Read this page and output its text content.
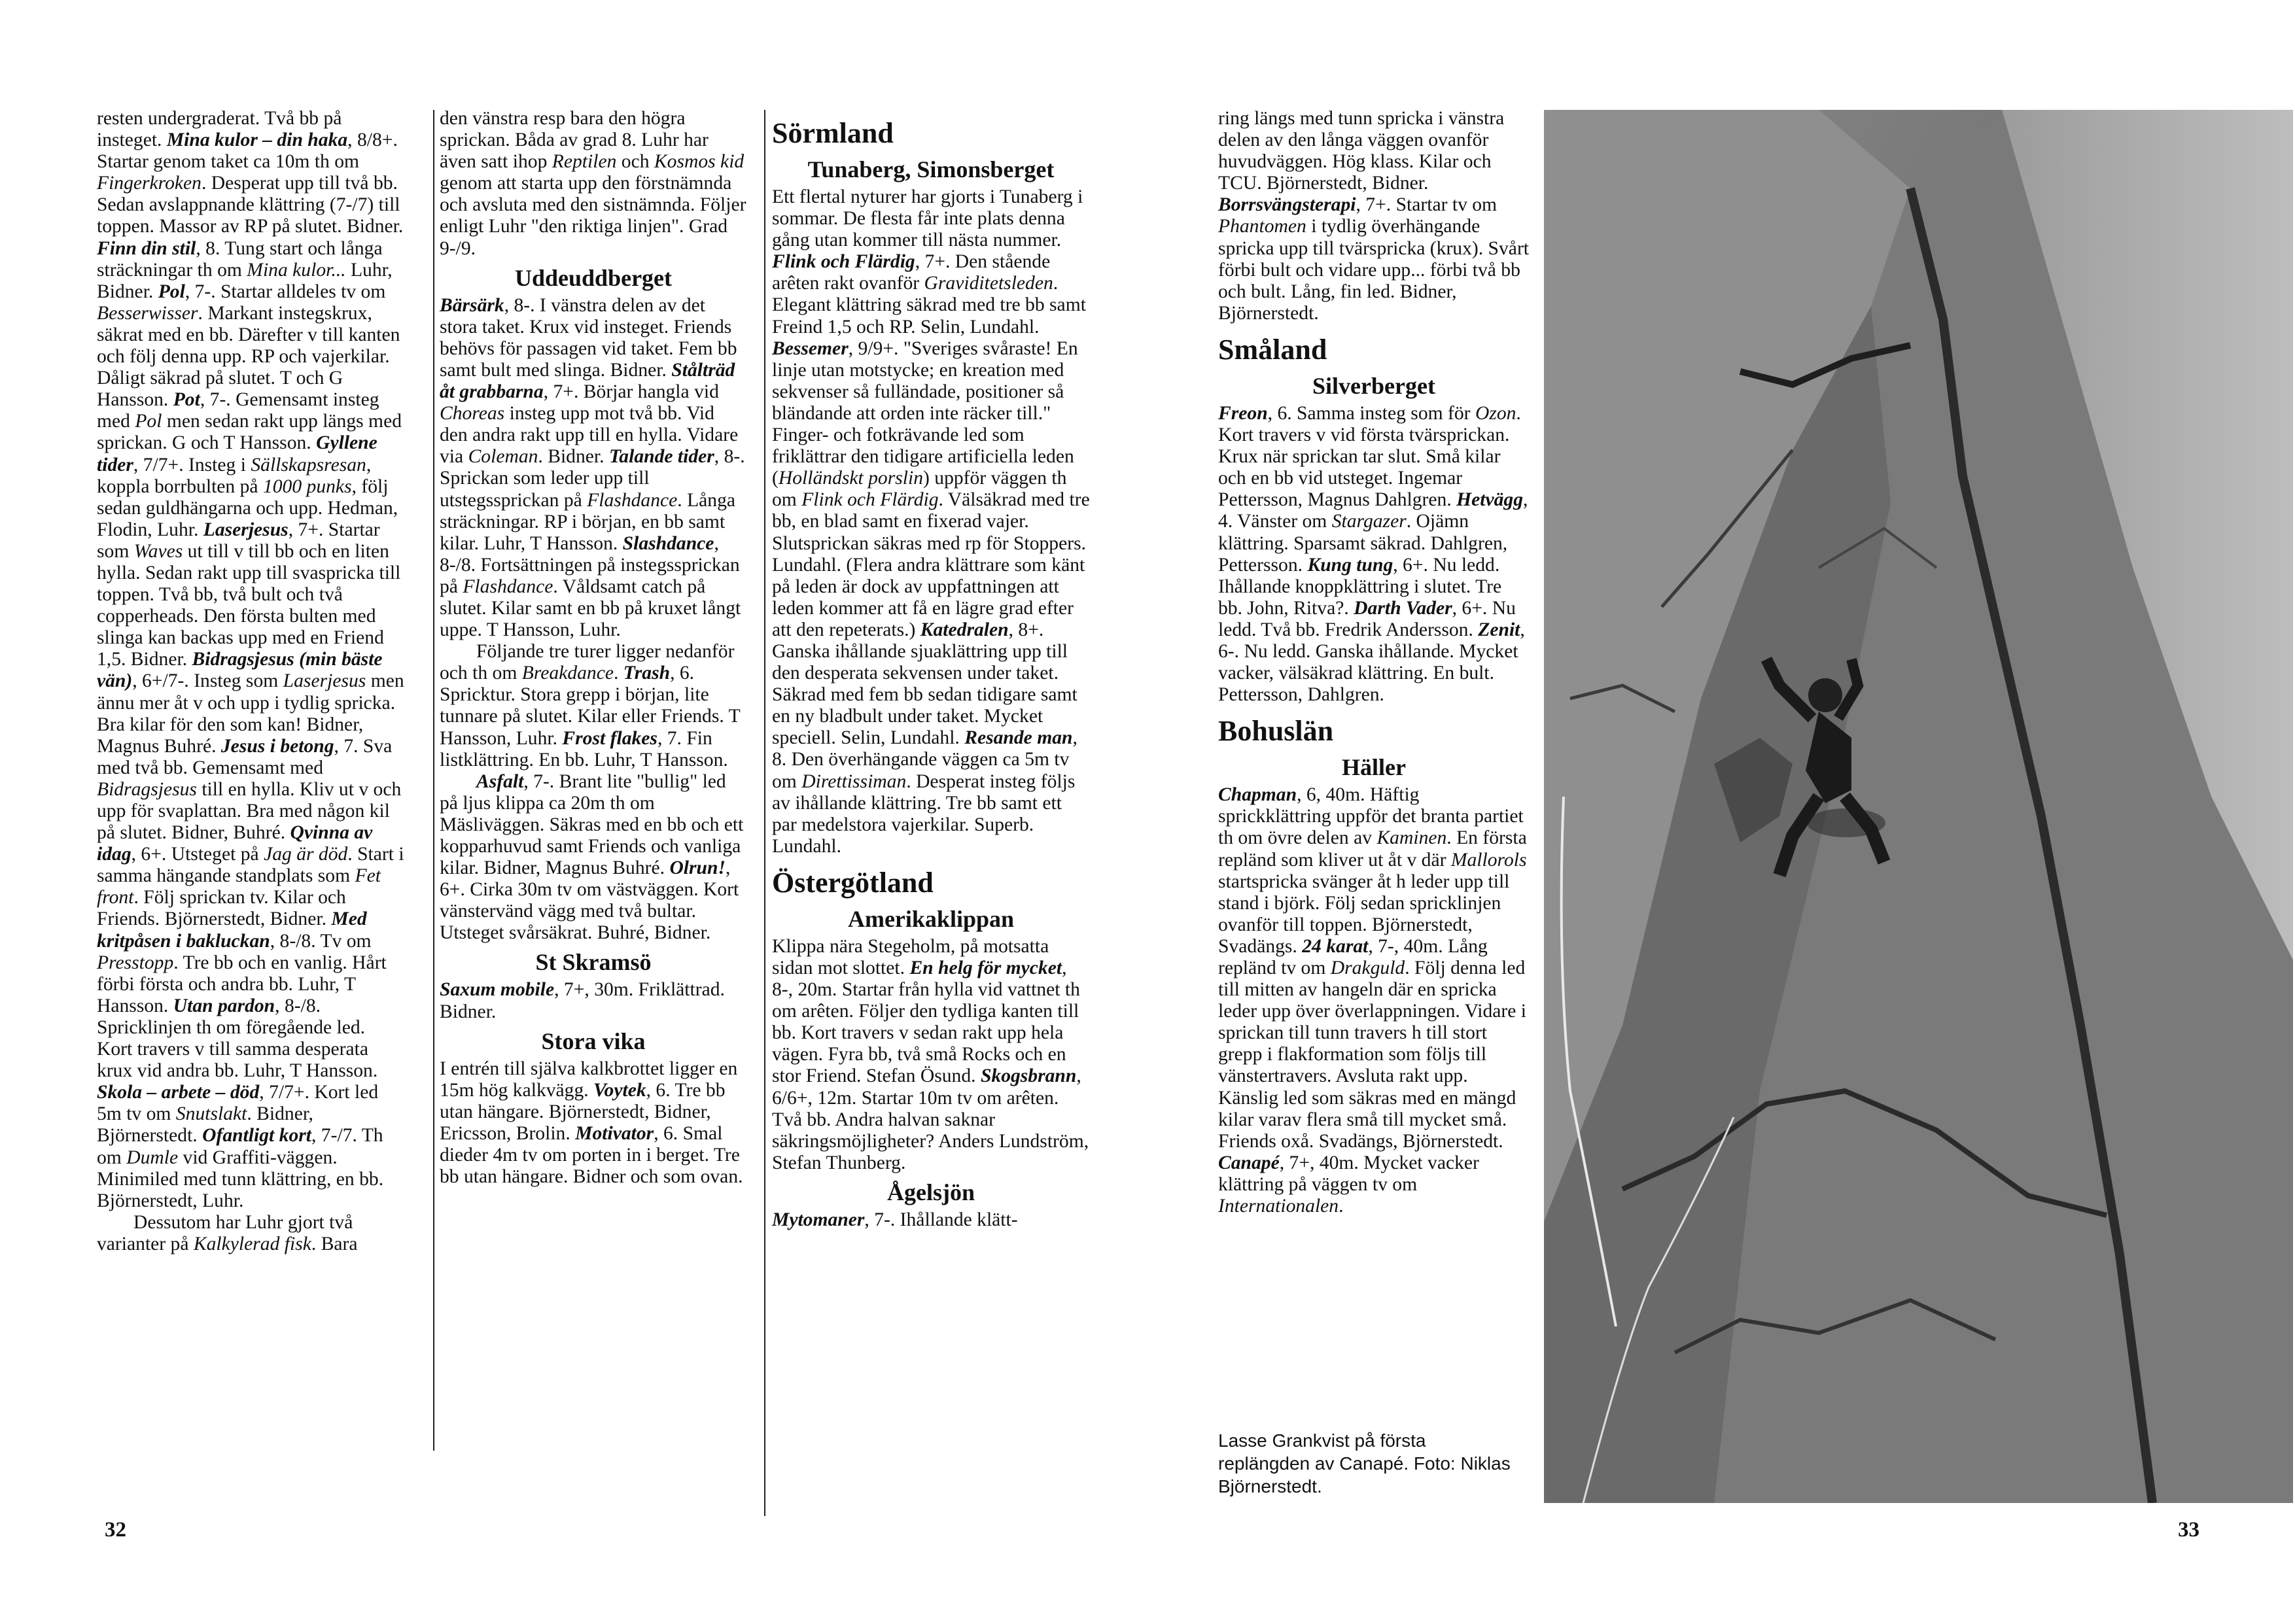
resten undergraderat. Två bb på insteget. Mina kulor – din haka, 8/8+. Startar genom taket ca 10m th om Fingerkroken. Desperat upp till två bb. Sedan avslappnande klättring (7-/7) till toppen. Massor av RP på slutet. Bidner. Finn din stil, 8. Tung start och långa sträckningar th om Mina kulor... Luhr, Bidner. Pol, 7-. Startar alldeles tv om Besserwisser. Markant instegskrux, säkrat med en bb. Därefter v till kanten och följ denna upp. RP och vajerkilar. Dåligt säkrad på slutet. T och G Hansson. Pot, 7-. Gemensamt insteg med Pol men sedan rakt upp längs med sprickan. G och T Hansson. Gyllene tider, 7/7+. Insteg i Sällskapsresan, koppla borrbulten på 1000 punks, följ sedan guldhängarna och upp. Hedman, Flodin, Luhr. Laserjesus, 7+. Startar som Waves ut till v till bb och en liten hylla. Sedan rakt upp till svaspricka till toppen. Två bb, två bult och två copperheads. Den första bulten med slinga kan backas upp med en Friend 1,5. Bidner. Bidragsjesus (min bäste vän), 6+/7-. Insteg som Laserjesus men ännu mer åt v och upp i tydlig spricka. Bra kilar för den som kan! Bidner, Magnus Buhré. Jesus i betong, 7. Sva med två bb. Gemensamt med Bidragsjesus till en hylla. Kliv ut v och upp för svaplattan. Bra med någon kil på slutet. Bidner, Buhré. Qvinna av idag, 6+. Utsteget på Jag är död. Start i samma hängande standplats som Fet front. Följ sprickan tv. Kilar och Friends. Björnerstedt, Bidner. Med kritpåsen i bakluckan, 8-/8. Tv om Presstopp. Tre bb och en vanlig. Hårt förbi första och andra bb. Luhr, T Hansson. Utan pardon, 8-/8. Spricklinjen th om föregående led. Kort travers v till samma desperata krux vid andra bb. Luhr, T Hansson. Skola – arbete – död, 7/7+. Kort led 5m tv om Snutslakt. Bidner, Björnerstedt. Ofantligt kort, 7-/7. Th om Dumle vid Graffiti-väggen. Minimiled med tunn klättring, en bb. Björnerstedt, Luhr.

Dessutom har Luhr gjort två varianter på Kalkylerad fisk. Bara

den vänstra resp bara den högra sprickan. Båda av grad 8. Luhr har även satt ihop Reptilen och Kosmos kid genom att starta upp den förstnämnda och avsluta med den sistnämnda. Följer enligt Luhr "den riktiga linjen". Grad 9-/9.

Uddeuddberget

Bärsärk, 8-. I vänstra delen av det stora taket. Krux vid insteget. Friends behövs för passagen vid taket. Fem bb samt bult med slinga. Bidner. Stålträd åt grabbarna, 7+. Börjar hangla vid Choreas insteg upp mot två bb. Vid den andra rakt upp till en hylla. Vidare via Coleman. Bidner. Talande tider, 8-. Sprickan som leder upp till utstegssprickan på Flashdance. Långa sträckningar. RP i början, en bb samt kilar. Luhr, T Hansson. Slashdance, 8-/8. Fortsättningen på instegssprickan på Flashdance. Våldsamt catch på slutet. Kilar samt en bb på kruxet långt uppe. T Hansson, Luhr.

Följande tre turer ligger nedanför och th om Breakdance. Trash, 6. Spricktur. Stora grepp i början, lite tunnare på slutet. Kilar eller Friends. T Hansson, Luhr. Frost flakes, 7. Fin listklättring. En bb. Luhr, T Hansson.

Asfalt, 7-. Brant lite "bullig" led på ljus klippa ca 20m th om Mäsliväggen. Säkras med en bb och ett kopparhuvud samt Friends och vanliga kilar. Bidner, Magnus Buhré. Olrun!, 6+. Cirka 30m tv om västväggen. Kort vänstervänd vägg med två bultar. Utsteget svårsäkrat. Buhré, Bidner.

St Skramsö

Saxum mobile, 7+, 30m. Friklättrad. Bidner.

Stora vika

I entrén till själva kalkbrottet ligger en 15m hög kalkvägg. Voytek, 6. Tre bb utan hängare. Björnerstedt, Bidner, Ericsson, Brolin. Motivator, 6. Smal dieder 4m tv om porten in i berget. Tre bb utan hängare. Bidner och som ovan.

Sörmland
Tunaberg, Simonsberget

Ett flertal nyturer har gjorts i Tunaberg i sommar. De flesta får inte plats denna gång utan kommer till nästa nummer. Flink och Flärdig, 7+. Den stående arêten rakt ovanför Graviditetsleden. Elegant klättring säkrad med tre bb samt Freind 1,5 och RP. Selin, Lundahl. Bessemer, 9/9+. "Sveriges svåraste! En linje utan motstycke; en kreation med sekvenser så fulländade, positioner så bländande att orden inte räcker till." Finger- och fotkrävande led som friklättrar den tidigare artificiella leden (Holländskt porslin) uppför väggen th om Flink och Flärdig. Välsäkrad med tre bb, en blad samt en fixerad vajer. Slutsprickan säkras med rp för Stoppers. Lundahl. (Flera andra klättrare som känt på leden är dock av uppfattningen att leden kommer att få en lägre grad efter att den repeterats.) Katedralen, 8+. Ganska ihållande sjuaklättring upp till den desperata sekvensen under taket. Säkrad med fem bb sedan tidigare samt en ny bladbult under taket. Mycket speciell. Selin, Lundahl. Resande man, 8. Den överhängande väggen ca 5m tv om Direttissiman. Desperat insteg följs av ihållande klättring. Tre bb samt ett par medelstora vajerkilar. Superb. Lundahl.

Östergötland
Amerikaklippan

Klippa nära Stegeholm, på motsatta sidan mot slottet. En helg för mycket, 8-, 20m. Startar från hylla vid vattnet th om arêten. Följer den tydliga kanten till bb. Kort travers v sedan rakt upp hela vägen. Fyra bb, två små Rocks och en stor Friend. Stefan Ösund. Skogsbrann, 6/6+, 12m. Startar 10m tv om arêten. Två bb. Andra halvan saknar säkringsmöjligheter? Anders Lundström, Stefan Thunberg.

Ågelsjön

Mytomaner, 7-. Ihållande klätt-

32	33

ring längs med tunn spricka i vänstra delen av den långa väggen ovanför huvudväggen. Hög klass. Kilar och TCU. Björnerstedt, Bidner. Borrsvängsterapi, 7+. Startar tv om Phantomen i tydlig överhängande spricka upp till tvärspricka (krux). Svårt förbi bult och vidare upp... förbi två bb och bult. Lång, fin led. Bidner, Björnerstedt.

Småland
Silverberget

Freon, 6. Samma insteg som för Ozon. Kort travers v vid första tvärsprickan. Krux när sprickan tar slut. Små kilar och en bb vid utsteget. Ingemar Pettersson, Magnus Dahlgren. Hetvägg, 4. Vänster om Stargazer. Ojämn klättring. Sparsamt säkrad. Dahlgren, Pettersson. Kung tung, 6+. Nu ledd. Ihållande knoppklättring i slutet. Tre bb. John, Ritva?. Darth Vader, 6+. Nu ledd. Två bb. Fredrik Andersson. Zenit, 6-. Nu ledd. Ganska ihållande. Mycket vacker, välsäkrad klättring. En bult. Pettersson, Dahlgren.

Bohuslän
Häller

Chapman, 6, 40m. Häftig sprickklättring uppför det branta partiet th om övre delen av Kaminen. En första repländ som kliver ut åt v där Mallorols startspricka svänger åt h leder upp till stand i björk. Följ sedan spricklinjen ovanför till toppen. Björnerstedt, Svadängs. 24 karat, 7-, 40m. Lång repländ tv om Drakguld. Följ denna led till mitten av hangeln där en spricka leder upp över överlappningen. Vidare i sprickan till tunn travers h till stort grepp i flakformation som följs till vänstertravers. Avsluta rakt upp. Känslig led som säkras med en mängd kilar varav flera små till mycket små. Friends oxå. Svadängs, Björnerstedt. Canapé, 7+, 40m. Mycket vacker klättring på väggen tv om Internationalen.

Lasse Grankvist på första replängden av Canapé. Foto: Niklas Björnerstedt.
